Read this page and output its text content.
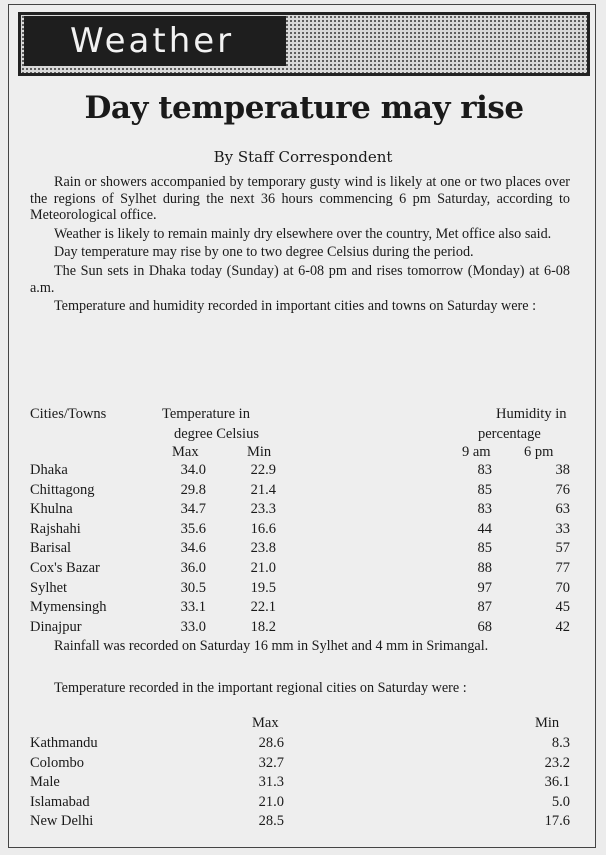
Weather
Day temperature may rise
By Staff Correspondent

Rain or showers accompanied by temporary gusty wind is likely at one or two places over the regions of Sylhet during the next 36 hours commencing 6 pm Saturday, according to Meteorological office.

Weather is likely to remain mainly dry elsewhere over the country, Met office also said.

Day temperature may rise by one to two degree Celsius during the period.

The Sun sets in Dhaka today (Sunday) at 6-08 pm and rises tomorrow (Monday) at 6-08 a.m.

Temperature and humidity recorded in important cities and towns on Saturday were :

Cities/Towns	Temperature in
degree Celsius
Humidity in
percentage
Max	Min	9 am 6 pm
Dhaka	34.0	22.9	83	38
Chittagong	29.8	21.4	85	76
Khulna	34.7	23.3	83	63
Rajshahi	35.6	16.6	44	33
Barisal	34.6	23.8	85	57
Cox's Bazar	36.0	21.0	88	77
Sylhet	30.5	19.5	97	70
Mymensingh	33.1	22.1	87	45
Dinajpur	33.0	18.2	68	42

Rainfall was recorded on Saturday 16 mm in Sylhet and 4 mm in Srimangal.

Temperature recorded in the important regional cities on Saturday were :

Max	Min
Kathmandu	28.6	8.3
Colombo	32.7	23.2
Male	31.3	36.1
Islamabad	21.0	5.0
New Delhi	28.5	17.6
